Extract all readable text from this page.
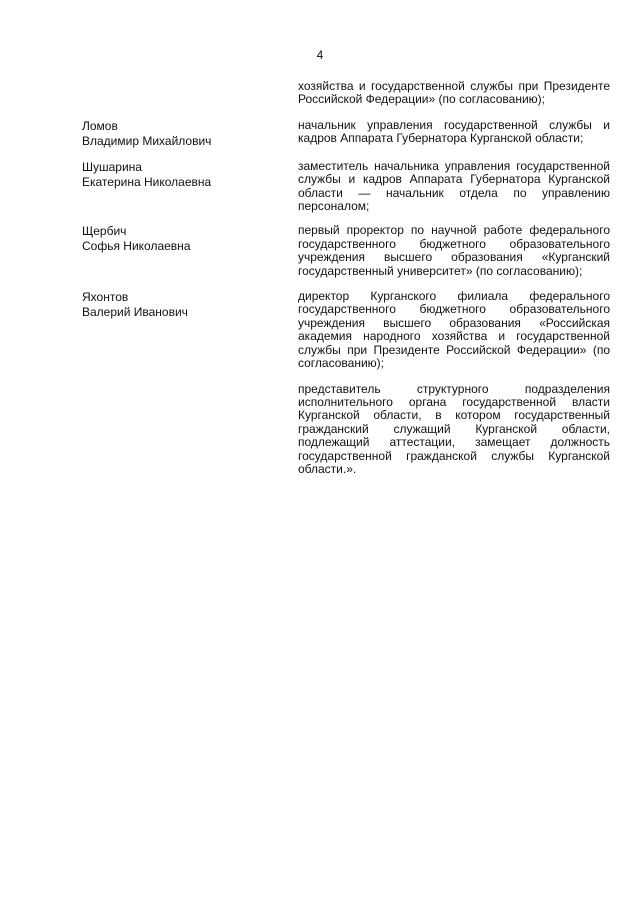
4
хозяйства и государственной службы при Президенте Российской Федерации» (по согласованию);
Ломов
Владимир Михайлович
начальник управления государственной службы и кадров Аппарата Губернатора Курганской области;
Шушарина
Екатерина Николаевна
заместитель начальника управления государственной службы и кадров Аппарата Губернатора Курганской области — начальник отдела по управлению персоналом;
Щербич
Софья Николаевна
первый проректор по научной работе федерального государственного бюджетного образовательного учреждения высшего образования «Курганский государственный университет» (по согласованию);
Яхонтов
Валерий Иванович
директор Курганского филиала федерального государственного бюджетного образовательного учреждения высшего образования «Российская академия народного хозяйства и государственной службы при Президенте Российской Федерации» (по согласованию);
представитель структурного подразделения исполнительного органа государственной власти Курганской области, в котором государственный гражданский служащий Курганской области, подлежащий аттестации, замещает должность государственной гражданской службы Курганской области.».
